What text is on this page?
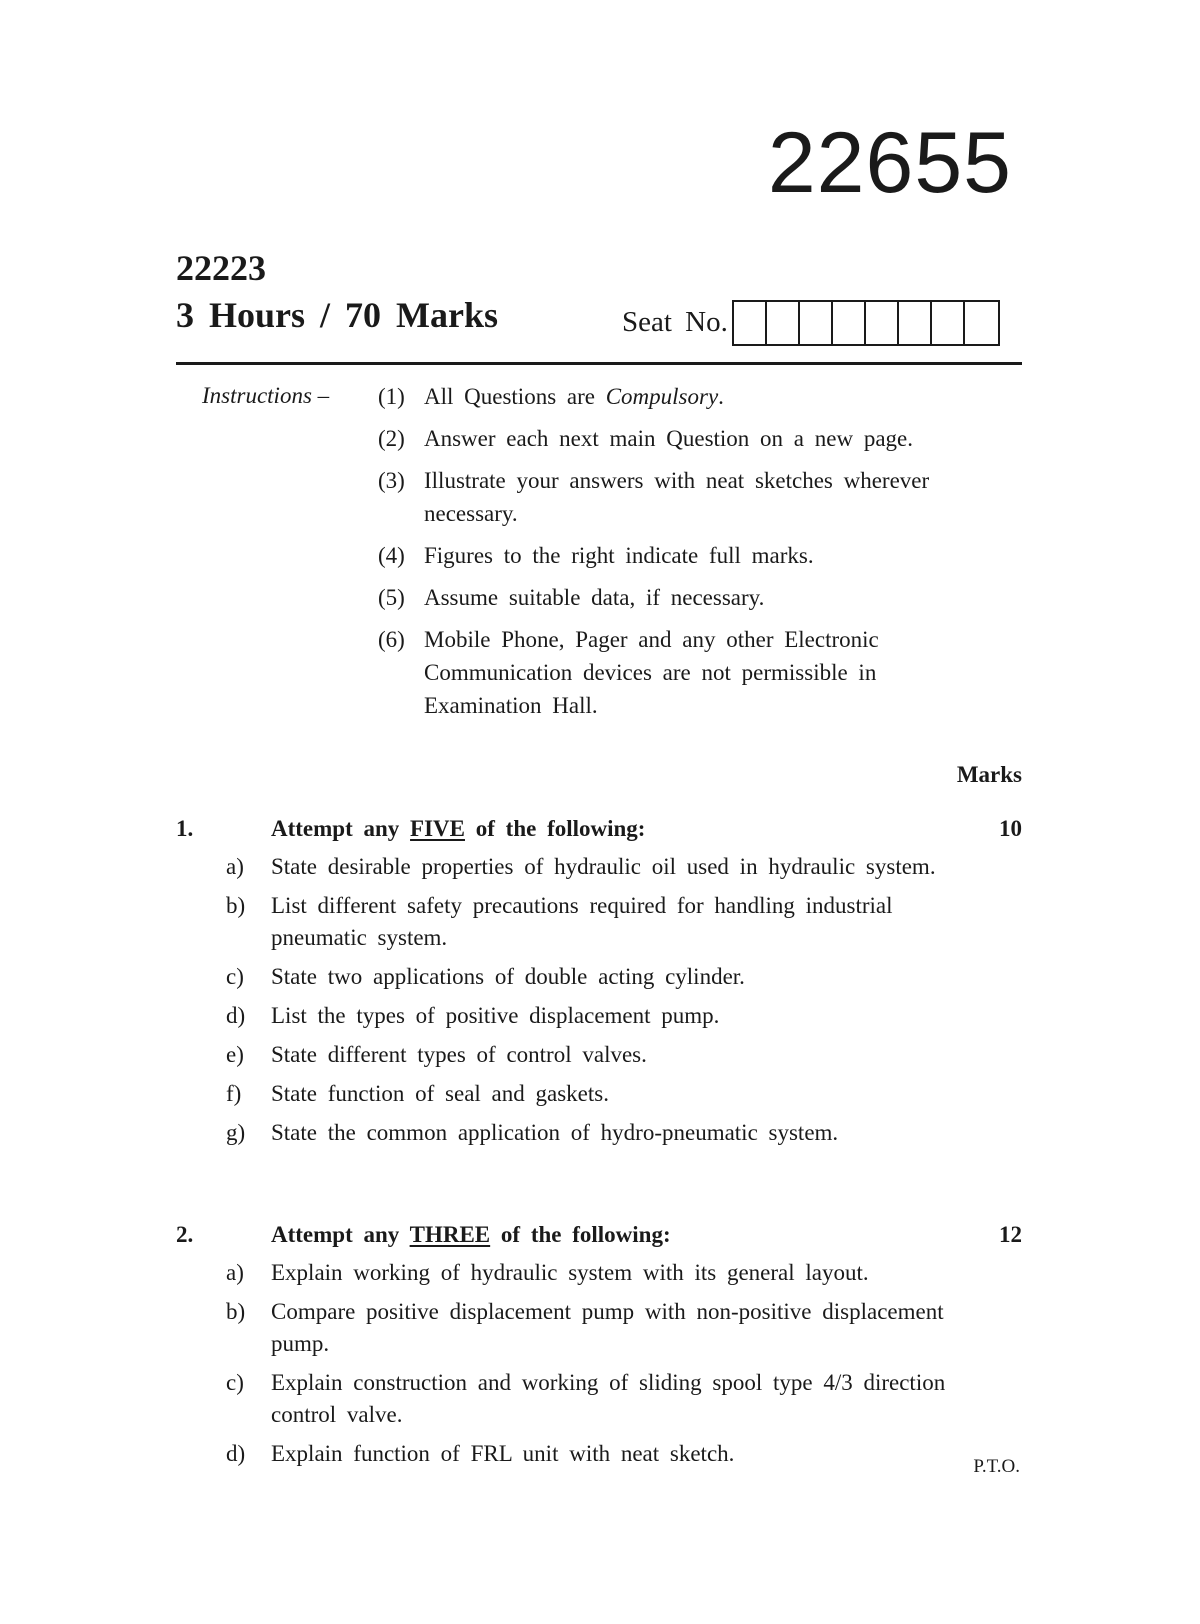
22655
22223
3 Hours / 70 Marks	Seat No.
Instructions – (1) All Questions are Compulsory.
(2) Answer each next main Question on a new page.
(3) Illustrate your answers with neat sketches wherever necessary.
(4) Figures to the right indicate full marks.
(5) Assume suitable data, if necessary.
(6) Mobile Phone, Pager and any other Electronic Communication devices are not permissible in Examination Hall.
Marks
1.	Attempt any FIVE of the following:	10
a)	State desirable properties of hydraulic oil used in hydraulic system.
b)	List different safety precautions required for handling industrial pneumatic system.
c)	State two applications of double acting cylinder.
d)	List the types of positive displacement pump.
e)	State different types of control valves.
f)	State function of seal and gaskets.
g)	State the common application of hydro-pneumatic system.
2.	Attempt any THREE of the following:	12
a)	Explain working of hydraulic system with its general layout.
b)	Compare positive displacement pump with non-positive displacement pump.
c)	Explain construction and working of sliding spool type 4/3 direction control valve.
d)	Explain function of FRL unit with neat sketch.
P.T.O.
